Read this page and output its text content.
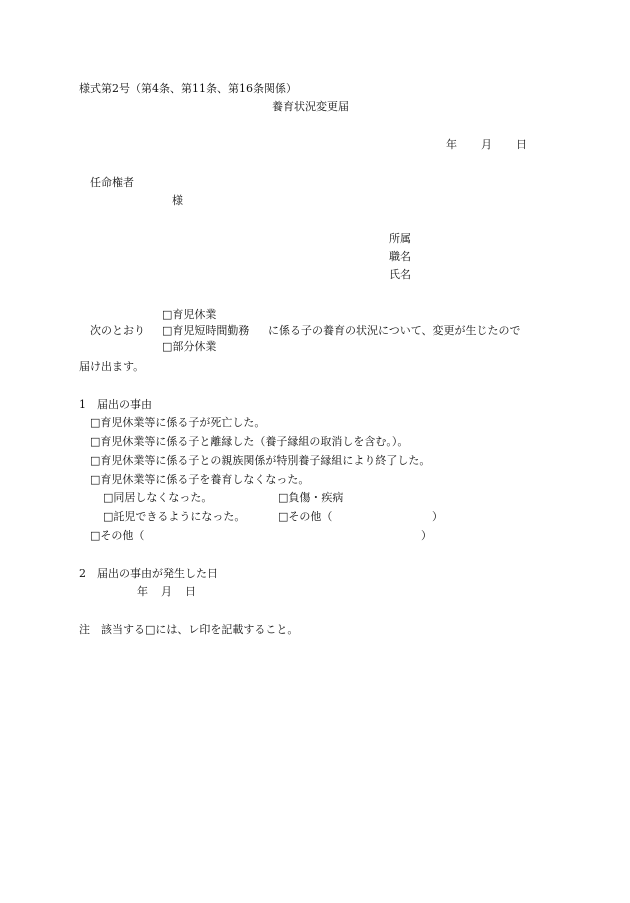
様式第2号（第4条、第11条、第16条関係）
養育状況変更届
年 月 日
任命権者
様
所属
職名
氏名
□育児休業
次のとおり □育児短時間勤務 に係る子の養育の状況について、変更が生じたので
□部分休業
届け出ます。
1　届出の事由
□育児休業等に係る子が死亡した。
□育児休業等に係る子と離縁した（養子縁組の取消しを含む。）。
□育児休業等に係る子との親族関係が特別養子縁組により終了した。
□育児休業等に係る子を養育しなくなった。
□同居しなくなった。	□負傷・疾病
□託児できるようになった。	□その他（	）
□その他（	）
2　届出の事由が発生した日
年 月 日
注　該当する□には、レ印を記載すること。
